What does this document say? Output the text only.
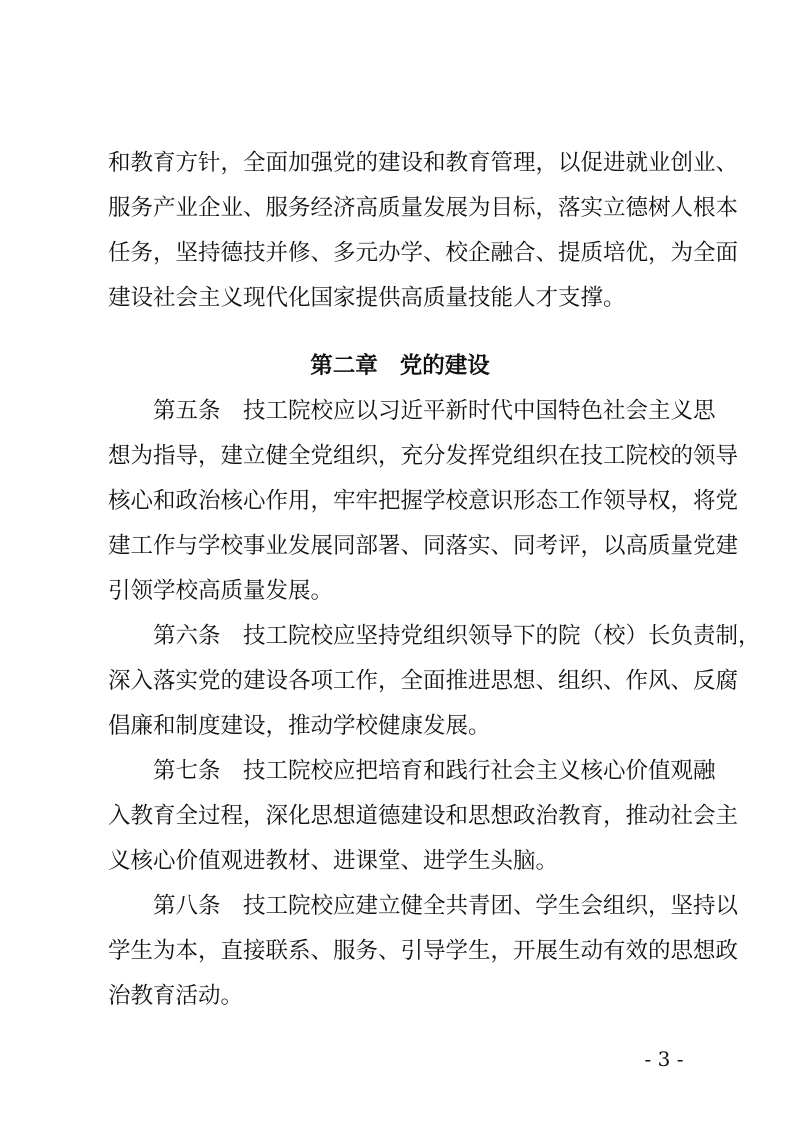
和教育方针，全面加强党的建设和教育管理，以促进就业创业、
服务产业企业、服务经济高质量发展为目标，落实立德树人根本
任务，坚持德技并修、多元办学、校企融合、提质培优，为全面
建设社会主义现代化国家提供高质量技能人才支撑。
第二章 党的建设
第五条　技工院校应以习近平新时代中国特色社会主义思
想为指导，建立健全党组织，充分发挥党组织在技工院校的领导
核心和政治核心作用，牢牢把握学校意识形态工作领导权，将党
建工作与学校事业发展同部署、同落实、同考评，以高质量党建
引领学校高质量发展。
第六条　技工院校应坚持党组织领导下的院（校）长负责制，
深入落实党的建设各项工作，全面推进思想、组织、作风、反腐
倡廉和制度建设，推动学校健康发展。
第七条　技工院校应把培育和践行社会主义核心价值观融
入教育全过程，深化思想道德建设和思想政治教育，推动社会主
义核心价值观进教材、进课堂、进学生头脑。
第八条　技工院校应建立健全共青团、学生会组织，坚持以
学生为本，直接联系、服务、引导学生，开展生动有效的思想政
治教育活动。
- 3 -
